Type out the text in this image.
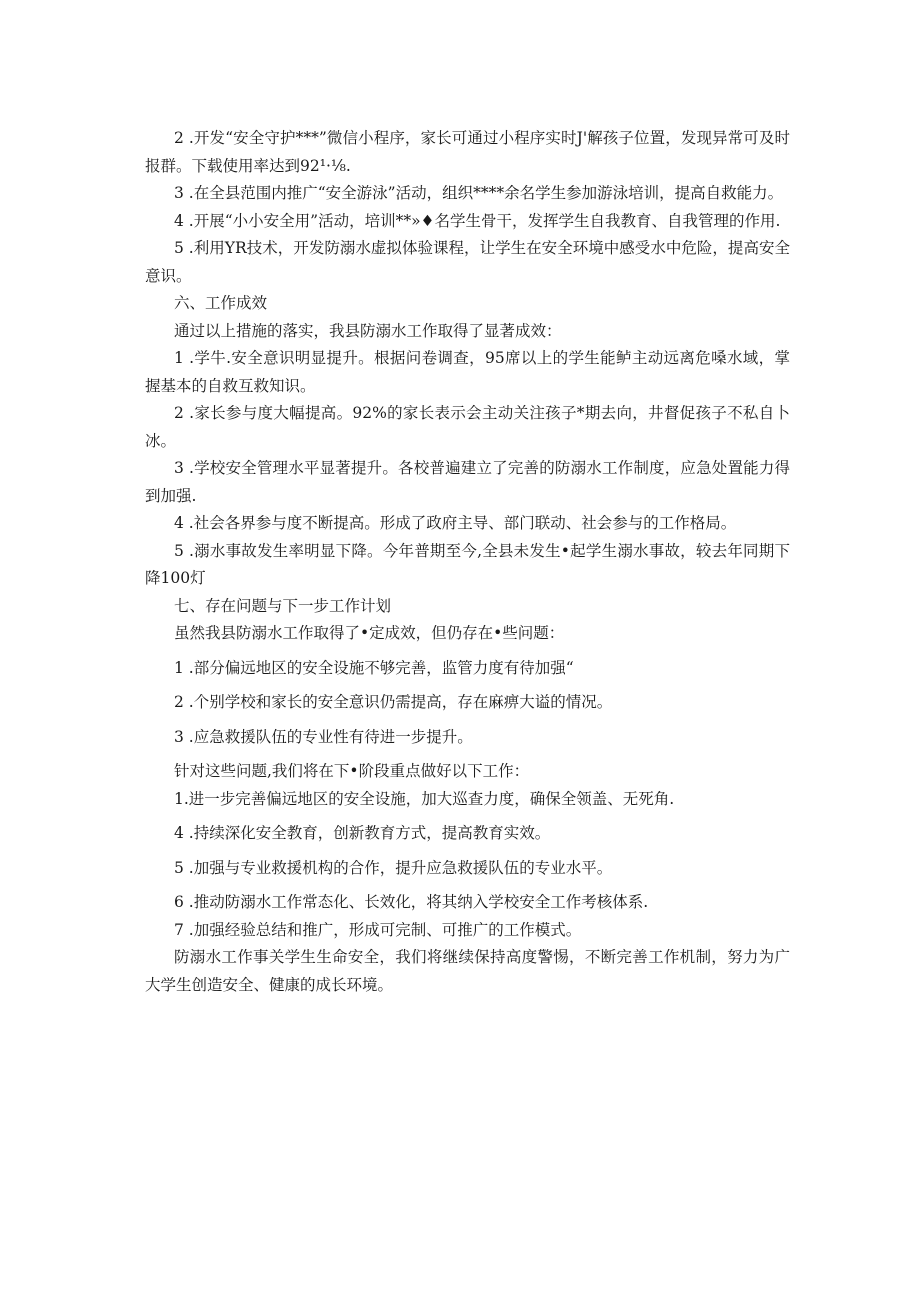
2 .开发“安全守护***”微信小程序，家长可通过小程序实时J'解孩子位置，发现异常可及时报群。下载使用率达到92¹·⅛.

3 .在全县范围内推广“安全游泳”活动，组织****余名学生参加游泳培训，提高自救能力。

4 .开展“小小安全用”活动，培训**»♦名学生骨干，发挥学生自我教育、自我管理的作用.

5 .利用YR技术，开发防溺水虚拟体验课程，让学生在安全环境中感受水中危险，提高安全意识。

六、工作成效

通过以上措施的落实，我县防溺水工作取得了显著成效：

1 .学牛.安全意识明显提升。根据问卷调查，95席以上的学生能鲈主动远离危嗓水域，掌握基本的自救互救知识。

2 .家长参与度大幅提高。92%的家长表示会主动关注孩子*期去向，井督促孩子不私自卜冰。

3 .学校安全管理水平显著提升。各校普遍建立了完善的防溺水工作制度，应急处置能力得到加强.

4 .社会各界参与度不断提高。形成了政府主导、部门联动、社会参与的工作格局。

5 .溺水事故发生率明显下降。今年普期至今,全县未发生•起学生溺水事故，较去年同期下降100灯

七、存在问题与下一步工作计划

虽然我县防溺水工作取得了•定成效，但仍存在•些问题：

1 .部分偏远地区的安全设施不够完善，监管力度有待加强“

2 .个别学校和家长的安全意识仍需提高，存在麻痹大谥的情况。

3 .应急救援队伍的专业性有待进一步提升。

针对这些问题,我们将在下•阶段重点做好以下工作：

1.进一步完善偏远地区的安全设施，加大巡查力度，确保全领盖、无死角.

4 .持续深化安全教育，创新教育方式，提高教育实效。

5 .加强与专业救援机构的合作，提升应急救援队伍的专业水平。

6 .推动防溺水工作常态化、长效化，将其纳入学校安全工作考核体系.

7 .加强经验总结和推广，形成可完制、可推广的工作模式。

防溺水工作事关学生生命安全，我们将继续保持高度警惕，不断完善工作机制，努力为广大学生创造安全、健康的成长环境。
